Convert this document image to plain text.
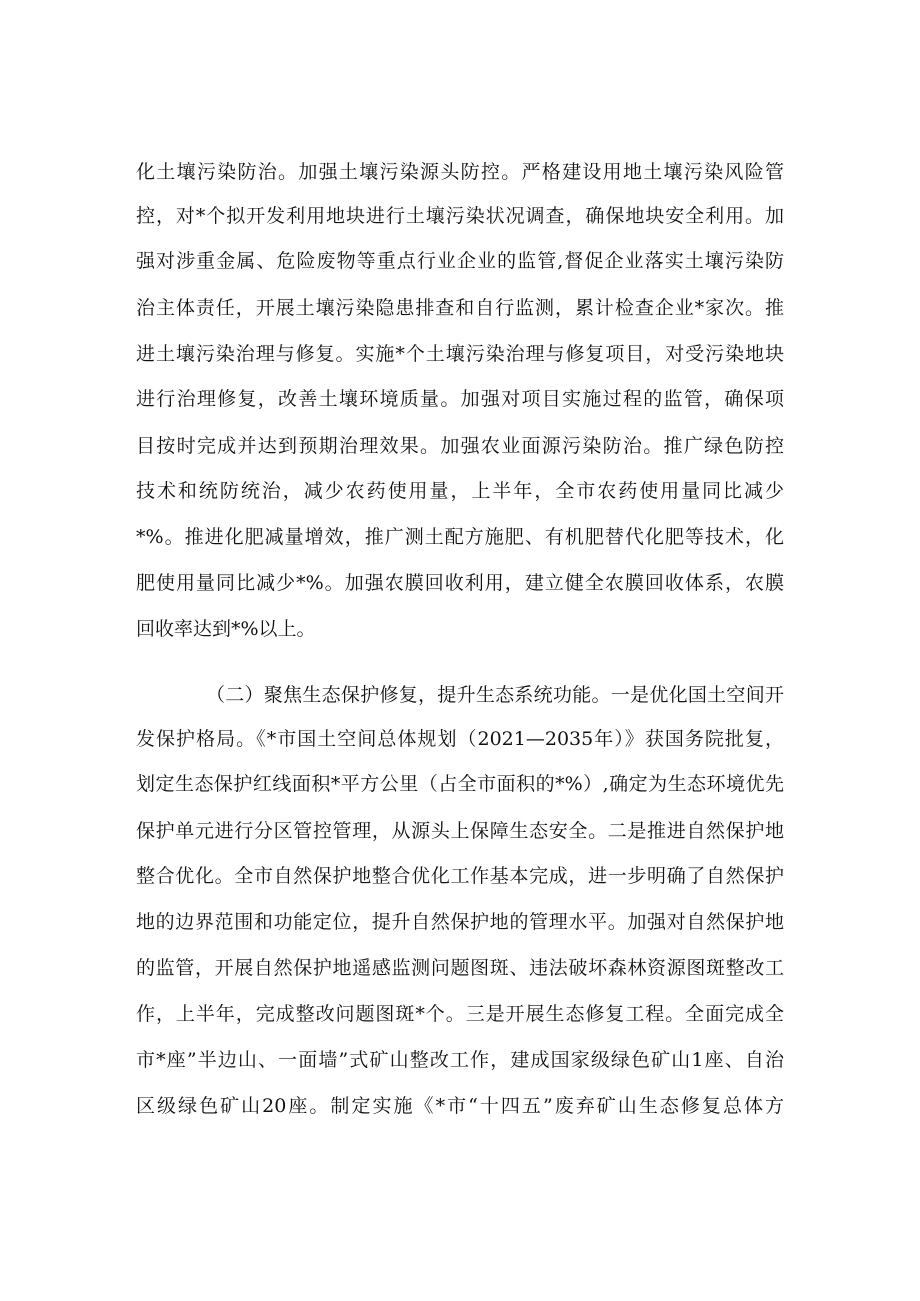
化土壤污染防治。加强土壤污染源头防控。严格建设用地土壤污染风险管
控，对*个拟开发利用地块进行土壤污染状况调查，确保地块安全利用。加
强对涉重金属、危险废物等重点行业企业的监管,督促企业落实土壤污染防
治主体责任，开展土壤污染隐患排查和自行监测，累计检查企业*家次。推
进土壤污染治理与修复。实施*个土壤污染治理与修复项目，对受污染地块
进行治理修复，改善土壤环境质量。加强对项目实施过程的监管，确保项
目按时完成并达到预期治理效果。加强农业面源污染防治。推广绿色防控
技术和统防统治，减少农药使用量，上半年，全市农药使用量同比减少
*%。推进化肥减量增效，推广测土配方施肥、有机肥替代化肥等技术，化
肥使用量同比减少*%。加强农膜回收利用，建立健全农膜回收体系，农膜
回收率达到*%以上。
（二）聚焦生态保护修复，提升生态系统功能。一是优化国土空间开
发保护格局。《*市国土空间总体规划（2021—2035年）》获国务院批复，
划定生态保护红线面积*平方公里（占全市面积的*%）,确定为生态环境优先
保护单元进行分区管控管理，从源头上保障生态安全。二是推进自然保护地
整合优化。全市自然保护地整合优化工作基本完成，进一步明确了自然保护
地的边界范围和功能定位，提升自然保护地的管理水平。加强对自然保护地
的监管，开展自然保护地遥感监测问题图斑、违法破坏森林资源图斑整改工
作，上半年，完成整改问题图斑*个。三是开展生态修复工程。全面完成全
市*座”半边山、一面墙”式矿山整改工作，建成国家级绿色矿山1座、自治
区级绿色矿山20座。制定实施《*市“十四五”废弃矿山生态修复总体方
